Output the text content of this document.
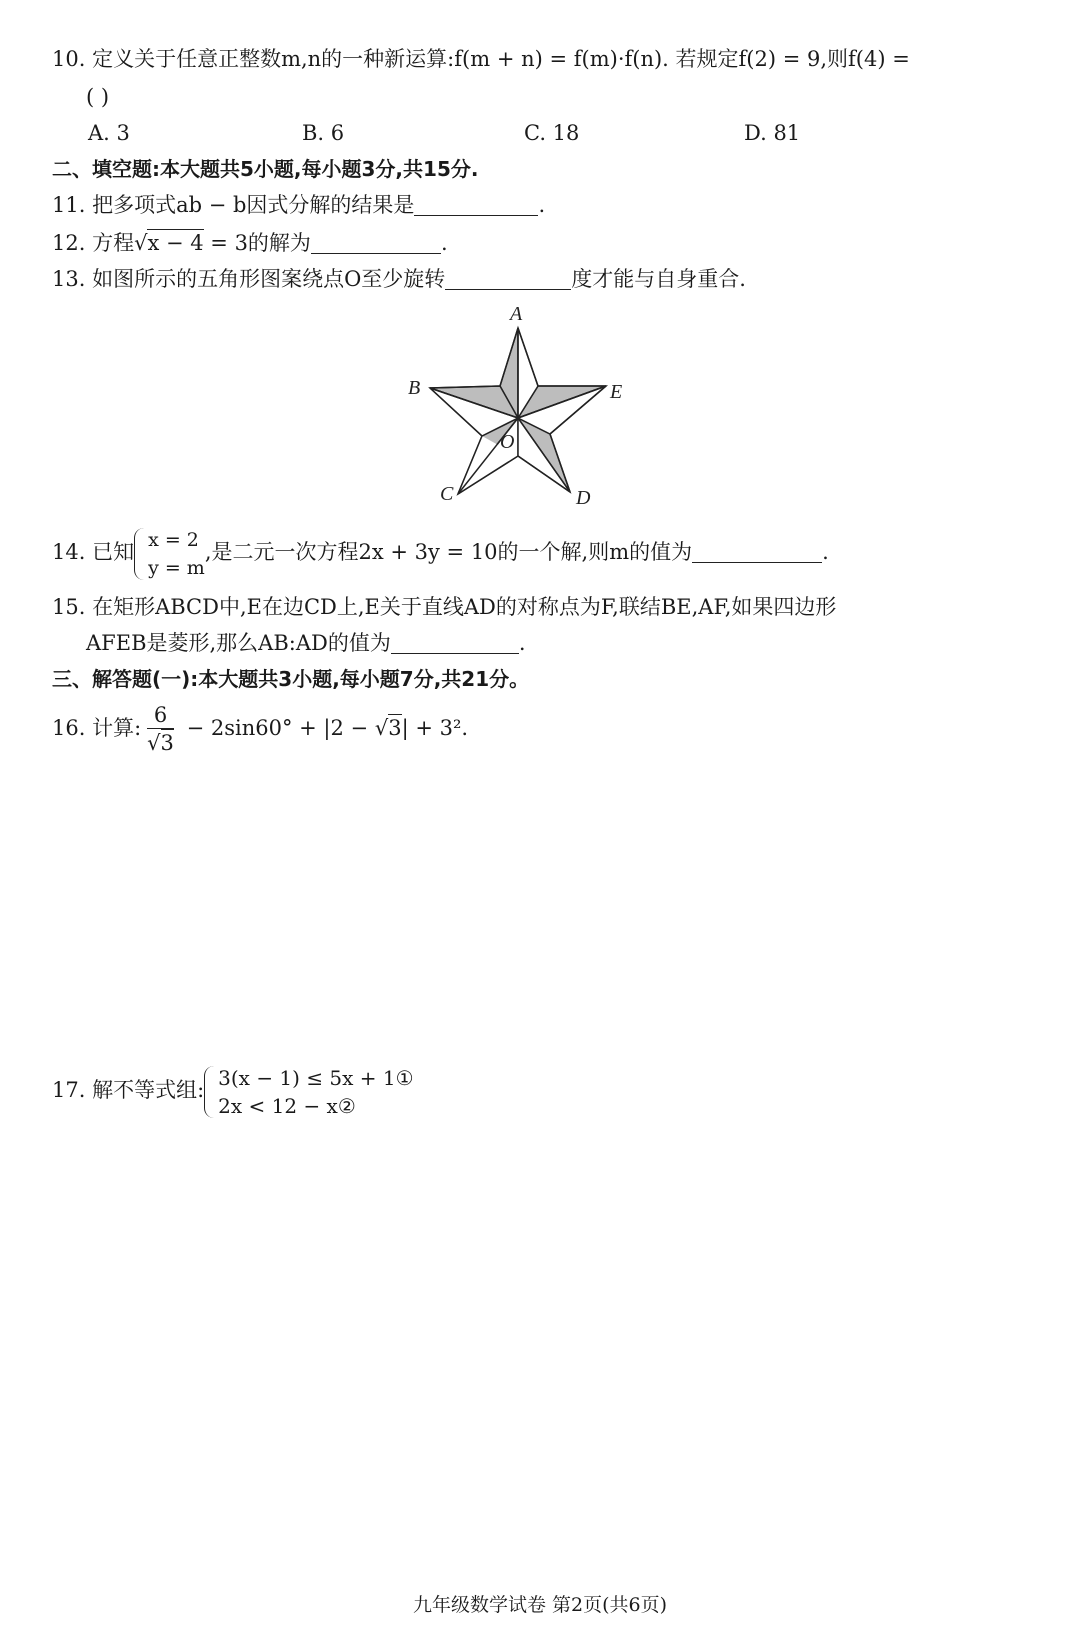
10. 定义关于任意正整数m,n的一种新运算:f(m + n) = f(m)·f(n). 若规定f(2) = 9,则f(4) =
( )
A. 3	B. 6	C. 18	D. 81
二、填空题:本大题共5小题,每小题3分,共15分.
11. 把多项式ab − b因式分解的结果是	.
12. 方程√x − 4 = 3的解为	.
13. 如图所示的五角形图案绕点O至少旋转	度才能与自身重合.
A
B	E
C	D
O
14. 已知
x = 2
y = m
,是二元一次方程2x + 3y = 10的一个解,则m的值为	.
15. 在矩形ABCD中,E在边CD上,E关于直线AD的对称点为F,联结BE,AF,如果四边形
AFEB是菱形,那么AB:AD的值为	.
三、解答题(一):本大题共3小题,每小题7分,共21分。
16. 计算: $\frac{6}{√3} - 2\sin 60^\circ + |2 - √3| + 3^2$.
17. 解不等式组:
3(x − 1) ≤ 5x + 1①
2x < 12 − x②
九年级数学试卷 第2页(共6页)
